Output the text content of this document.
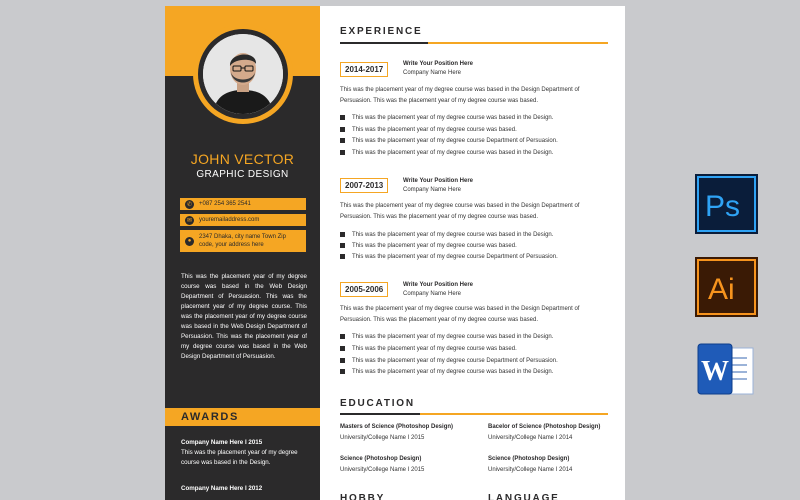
JOHN VECTOR
GRAPHIC DESIGN
✆	+087 254 365 2541
✉	youremailaddress.com
●
2347 Dhaka, city name Town Zip code, your address here
This was the placement year of my degree course was based in the Web Design Department of Persuasion. This was the placement year of my degree course. This was the placement year of my degree course was based in the Web Design Department of Persuasion. This was the placement year of my degree course was based in the Web Design Department of Persuasion.
AWARDS
Company Name Here I 2015
This was the placement year of my degree course was based in the Design.
Company Name Here I 2012
EXPERIENCE
2014-2017
Write Your Position Here
Company Name Here
This was the placement year of my degree course was based in the Design Department of Persuasion. This was the placement year of my degree course was based.
This was the placement year of my degree course was based in the Design.
This was the placement year of my degree course was based.
This was the placement year of my degree course Department of Persuasion.
This was the placement year of my degree course was based in the Design.
2007-2013	Write Your Position Here
Company Name Here
This was the placement year of my degree course was based in the Design Department of Persuasion. This was the placement year of my degree course was based.
This was the placement year of my degree course was based in the Design.
This was the placement year of my degree course was based.
This was the placement year of my degree course Department of Persuasion.
2005-2006	Write Your Position Here
Company Name Here
This was the placement year of my degree course was based in the Design Department of Persuasion. This was the placement year of my degree course was based.
This was the placement year of my degree course was based in the Design.
This was the placement year of my degree course was based.
This was the placement year of my degree course Department of Persuasion.
This was the placement year of my degree course was based in the Design.
EDUCATION
Masters of Science (Photoshop Design)
University/College Name I 2015
Bacelor of Science (Photoshop Design)
University/College Name I 2014
Science (Photoshop Design)
University/College Name I 2015
Science (Photoshop Design)
University/College Name I 2014
HOBBY	LANGUAGE
Ps
Ai
W
